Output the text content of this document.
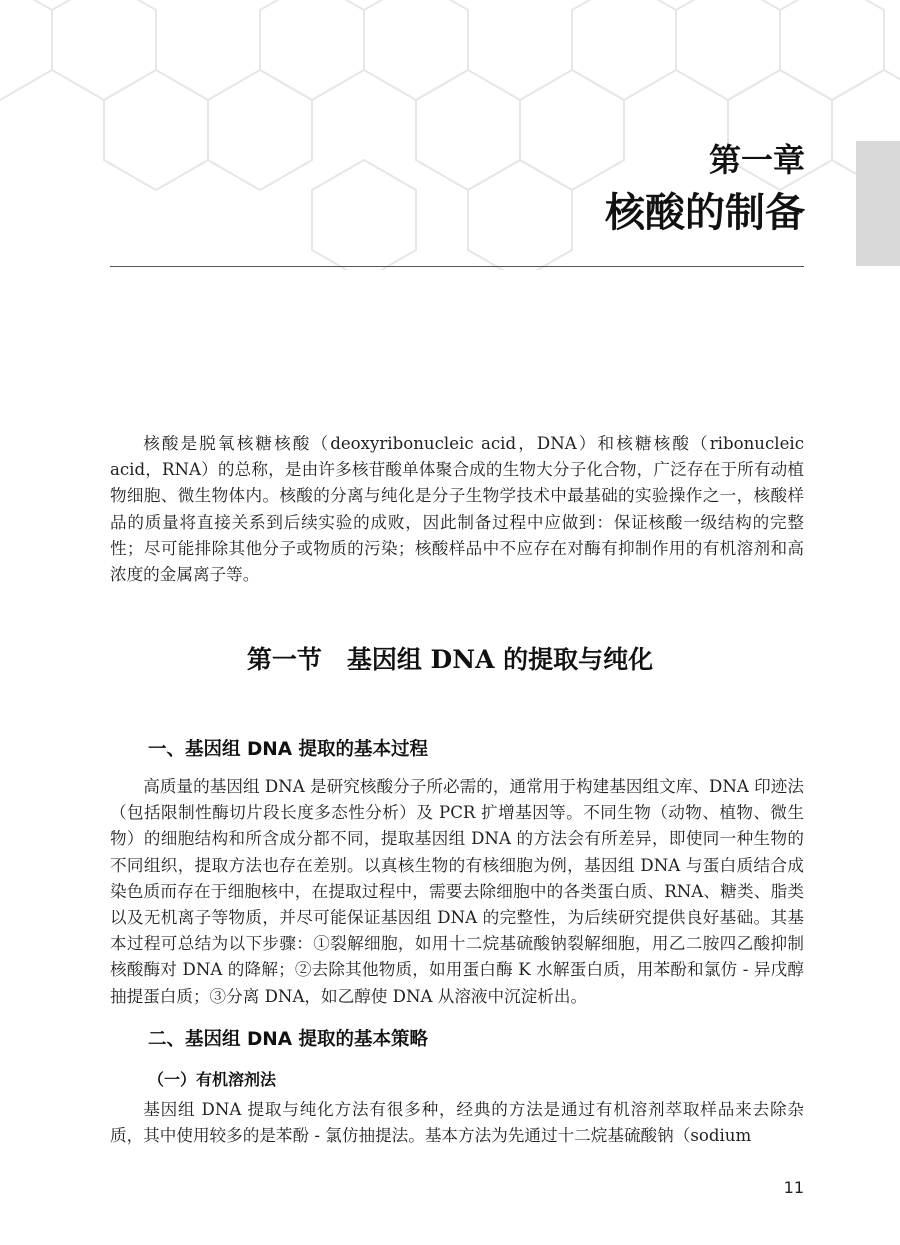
第一章
核酸的制备

核酸是脱氧核糖核酸（deoxyribonucleic acid，DNA）和核糖核酸（ribonucleic acid，RNA）的总称，是由许多核苷酸单体聚合成的生物大分子化合物，广泛存在于所有动植物细胞、微生物体内。核酸的分离与纯化是分子生物学技术中最基础的实验操作之一，核酸样品的质量将直接关系到后续实验的成败，因此制备过程中应做到：保证核酸一级结构的完整性；尽可能排除其他分子或物质的污染；核酸样品中不应存在对酶有抑制作用的有机溶剂和高浓度的金属离子等。

第一节　基因组 DNA 的提取与纯化
一、基因组 DNA 提取的基本过程

高质量的基因组 DNA 是研究核酸分子所必需的，通常用于构建基因组文库、DNA 印迹法（包括限制性酶切片段长度多态性分析）及 PCR 扩增基因等。不同生物（动物、植物、微生物）的细胞结构和所含成分都不同，提取基因组 DNA 的方法会有所差异，即使同一种生物的不同组织，提取方法也存在差别。以真核生物的有核细胞为例，基因组 DNA 与蛋白质结合成染色质而存在于细胞核中，在提取过程中，需要去除细胞中的各类蛋白质、RNA、糖类、脂类以及无机离子等物质，并尽可能保证基因组 DNA 的完整性，为后续研究提供良好基础。其基本过程可总结为以下步骤：①裂解细胞，如用十二烷基硫酸钠裂解细胞，用乙二胺四乙酸抑制核酸酶对 DNA 的降解；②去除其他物质，如用蛋白酶 K 水解蛋白质，用苯酚和氯仿 - 异戊醇抽提蛋白质；③分离 DNA，如乙醇使 DNA 从溶液中沉淀析出。

二、基因组 DNA 提取的基本策略
（一）有机溶剂法

基因组 DNA 提取与纯化方法有很多种，经典的方法是通过有机溶剂萃取样品来去除杂质，其中使用较多的是苯酚 - 氯仿抽提法。基本方法为先通过十二烷基硫酸钠（sodium

11
